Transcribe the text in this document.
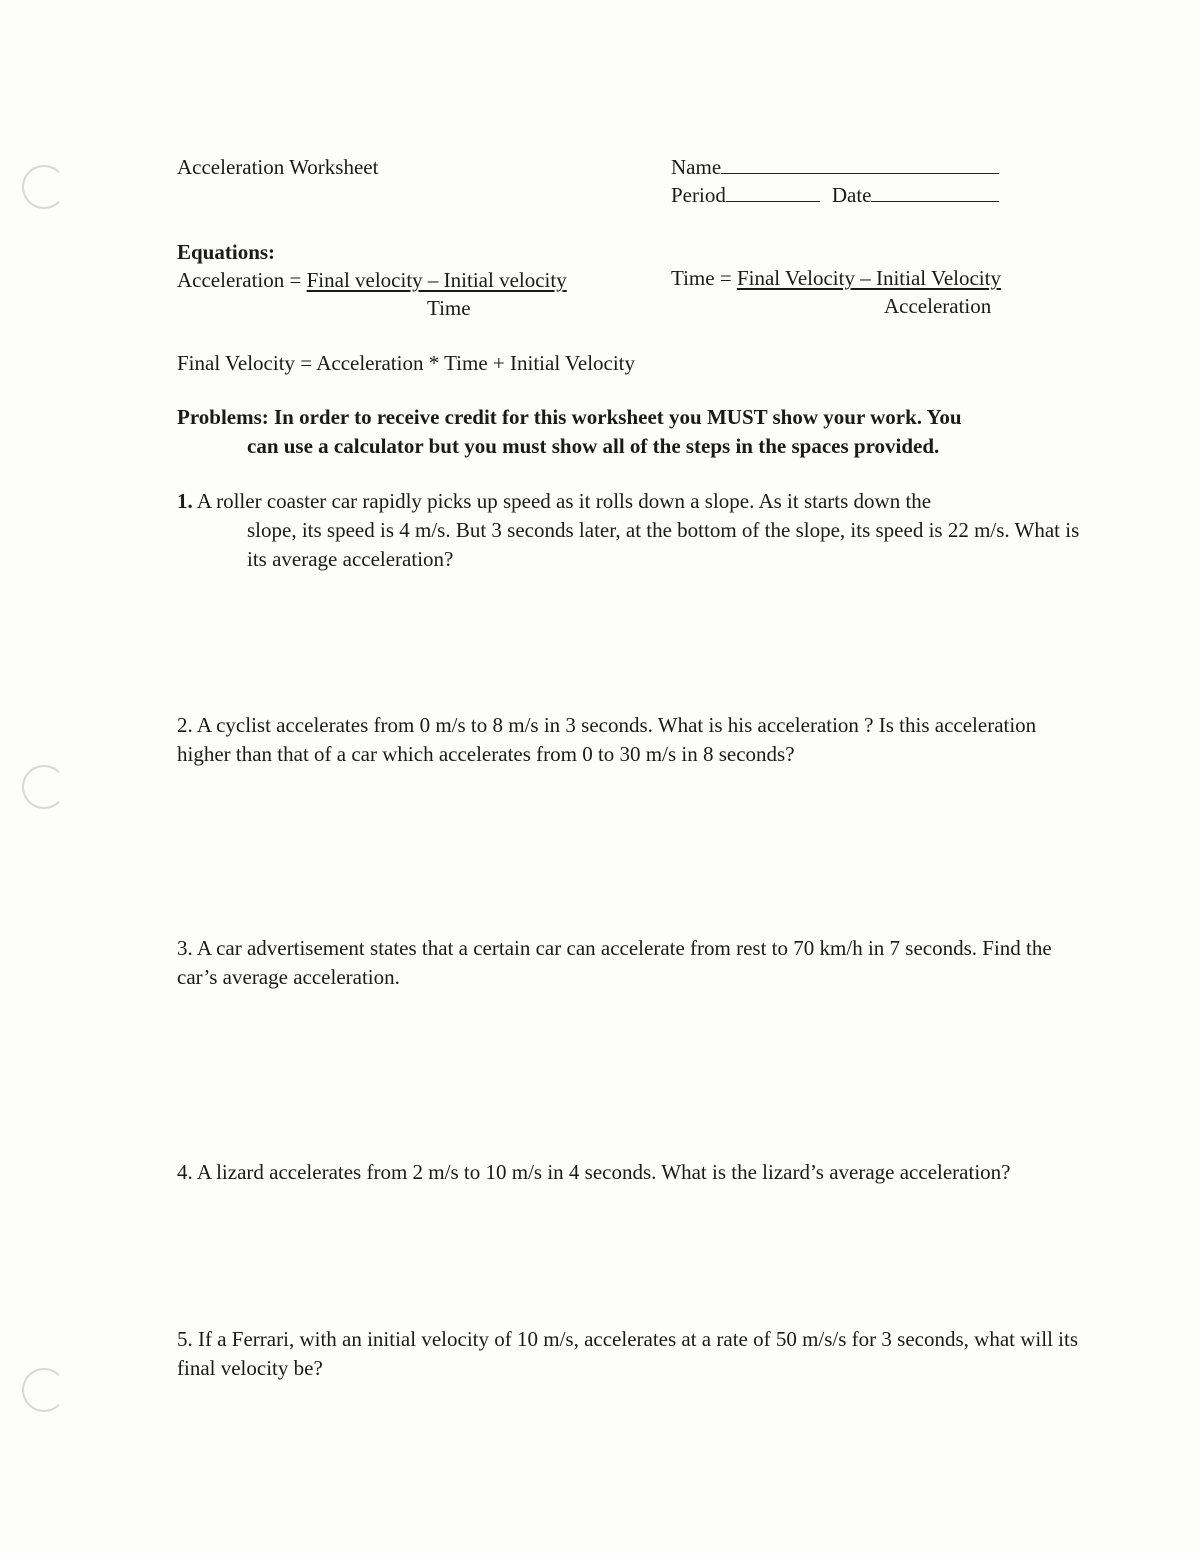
Acceleration Worksheet	Name
Period	Date
Equations:
Acceleration = Final velocity – Initial velocity
Time
Time = Final Velocity – Initial Velocity
Acceleration
Final Velocity = Acceleration * Time + Initial Velocity
Problems: In order to receive credit for this worksheet you MUST show your work. You
can use a calculator but you must show all of the steps in the spaces provided.
1. A roller coaster car rapidly picks up speed as it rolls down a slope. As it starts down the
slope, its speed is 4 m/s. But 3 seconds later, at the bottom of the slope, its speed is 22 m/s. What is its average acceleration?
2. A cyclist accelerates from 0 m/s to 8 m/s in 3 seconds. What is his acceleration ? Is this acceleration higher than that of a car which accelerates from 0 to 30 m/s in 8 seconds?
3. A car advertisement states that a certain car can accelerate from rest to 70 km/h in 7 seconds. Find the car’s average acceleration.
4. A lizard accelerates from 2 m/s to 10 m/s in 4 seconds. What is the lizard’s average acceleration?
5. If a Ferrari, with an initial velocity of 10 m/s, accelerates at a rate of 50 m/s/s for 3 seconds, what will its final velocity be?
